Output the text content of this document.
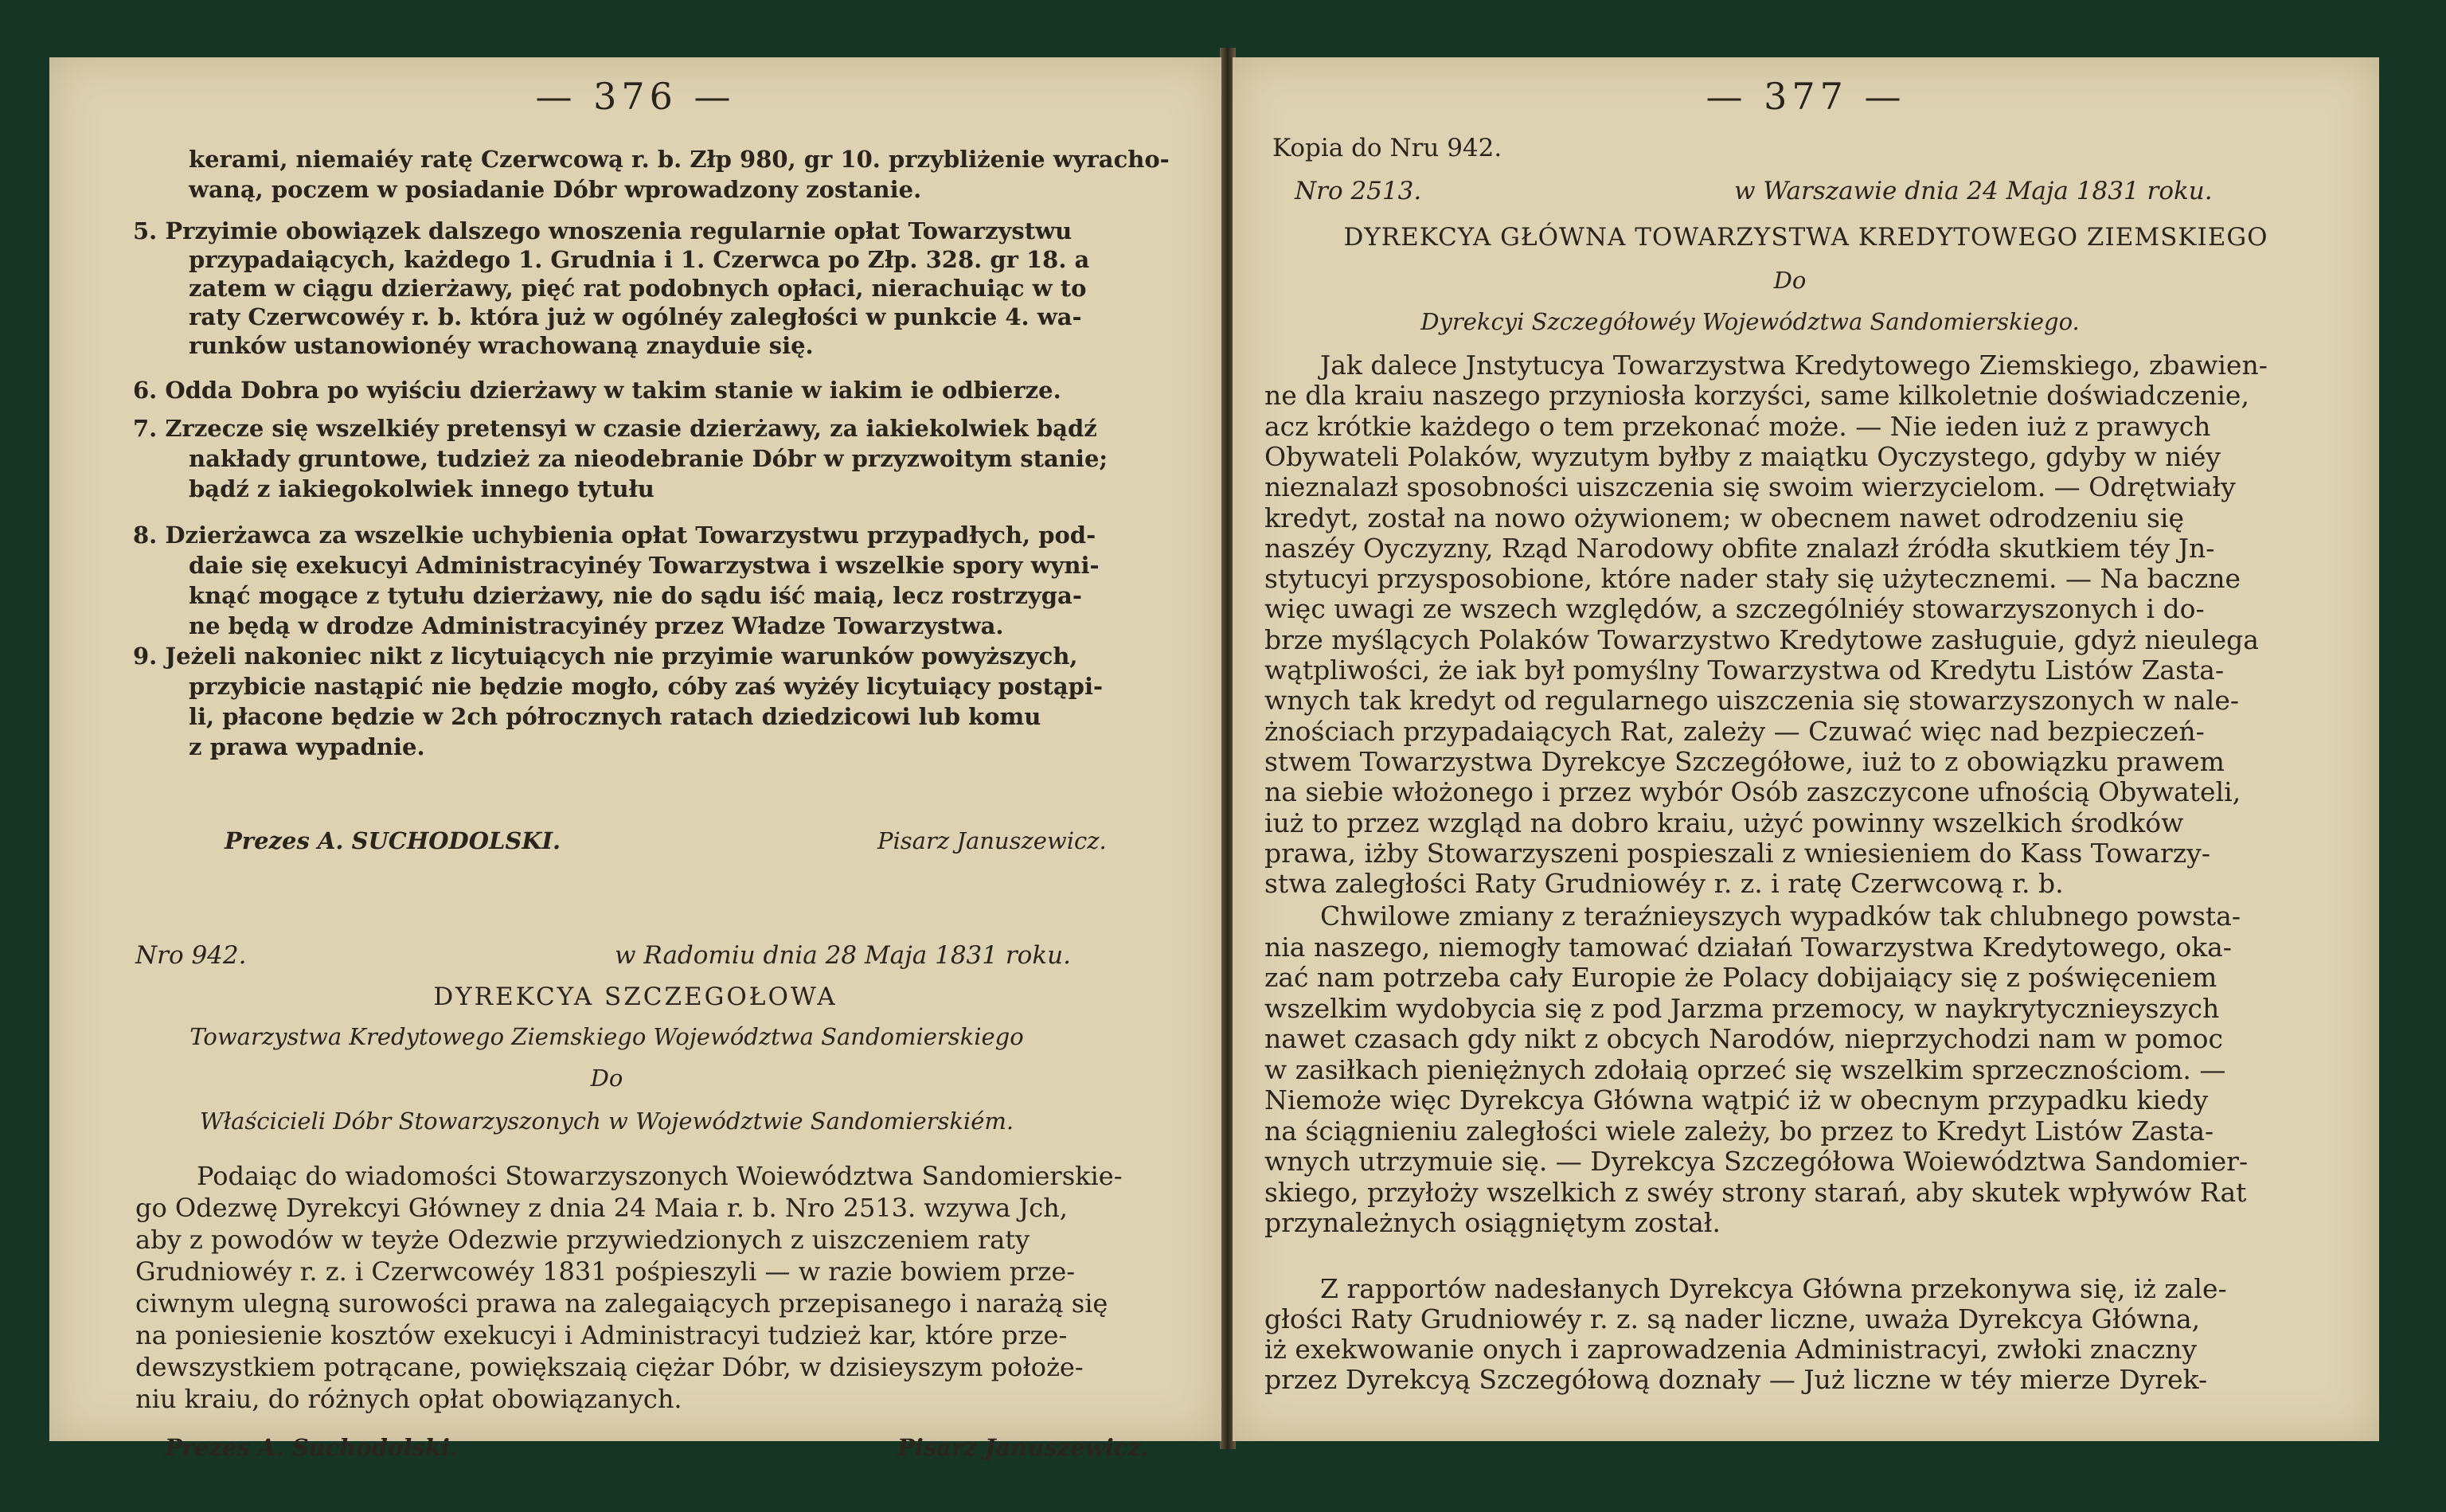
— 376 —
kerami, niemaiéy ratę Czerwcową r. b. Złp 980, gr 10. przybliżenie wyracho-
waną, poczem w posiadanie Dóbr wprowadzony zostanie.
5. Przyimie obowiązek dalszego wnoszenia regularnie opłat Towarzystwu
przypadaiących, każdego 1. Grudnia i 1. Czerwca po Złp. 328. gr 18. a
zatem w ciągu dzierżawy, pięć rat podobnych opłaci, nierachuiąc w to
raty Czerwcowéy r. b. która już w ogólnéy zaległości w punkcie 4. wa-
runków ustanowionéy wrachowaną znayduie się.
6. Odda Dobra po wyiściu dzierżawy w takim stanie w iakim ie odbierze.
7. Zrzecze się wszelkiéy pretensyi w czasie dzierżawy, za iakiekolwiek bądź
nakłady gruntowe, tudzież za nieodebranie Dóbr w przyzwoitym stanie;
bądź z iakiegokolwiek innego tytułu
8. Dzierżawca za wszelkie uchybienia opłat Towarzystwu przypadłych, pod-
daie się exekucyi Administracyinéy Towarzystwa i wszelkie spory wyni-
knąć mogące z tytułu dzierżawy, nie do sądu iść maią, lecz rostrzyga-
ne będą w drodze Administracyinéy przez Władze Towarzystwa.
9. Jeżeli nakoniec nikt z licytuiących nie przyimie warunków powyższych,
przybicie nastąpić nie będzie mogło, cóby zaś wyżéy licytuiący postąpi-
li, płacone będzie w 2ch półrocznych ratach dziedzicowi lub komu
z prawa wypadnie.
Prezes A. SUCHODOLSKI.	Pisarz Januszewicz.
Nro 942.	w Radomiu dnia 28 Maja 1831 roku.
DYREKCYA SZCZEGOŁOWA
Towarzystwa Kredytowego Ziemskiego Województwa Sandomierskiego
Do
Właścicieli Dóbr Stowarzyszonych w Województwie Sandomierskiém.
Podaiąc do wiadomości Stowarzyszonych Woiewództwa Sandomierskie-
go Odezwę Dyrekcyi Główney z dnia 24 Maia r. b. Nro 2513. wzywa Jch,
aby z powodów w teyże Odezwie przywiedzionych z uiszczeniem raty
Grudniowéy r. z. i Czerwcowéy 1831 pośpieszyli — w razie bowiem prze-
ciwnym ulegną surowości prawa na zalegaiących przepisanego i narażą się
na poniesienie kosztów exekucyi i Administracyi tudzież kar, które prze-
dewszystkiem potrącane, powiększaią ciężar Dóbr, w dzisieyszym położe-
niu kraiu, do różnych opłat obowiązanych.
Prezes A. Suchodolski.	Pisarz Januszewicz.
— 377 —
Kopia do Nru 942.
Nro 2513.	w Warszawie dnia 24 Maja 1831 roku.
DYREKCYA GŁÓWNA TOWARZYSTWA KREDYTOWEGO ZIEMSKIEGO
Do
Dyrekcyi Szczegółowéy Województwa Sandomierskiego.
Jak dalece Jnstytucya Towarzystwa Kredytowego Ziemskiego, zbawien-
ne dla kraiu naszego przyniosła korzyści, same kilkoletnie doświadczenie,
acz krótkie każdego o tem przekonać może. — Nie ieden iuż z prawych
Obywateli Polaków, wyzutym byłby z maiątku Oyczystego, gdyby w niéy
nieznalazł sposobności uiszczenia się swoim wierzycielom. — Odrętwiały
kredyt, został na nowo ożywionem; w obecnem nawet odrodzeniu się
naszéy Oyczyzny, Rząd Narodowy obfite znalazł źródła skutkiem téy Jn-
stytucyi przysposobione, które nader stały się użytecznemi. — Na baczne
więc uwagi ze wszech względów, a szczególniéy stowarzyszonych i do-
brze myślących Polaków Towarzystwo Kredytowe zasługuie, gdyż nieulega
wątpliwości, że iak był pomyślny Towarzystwa od Kredytu Listów Zasta-
wnych tak kredyt od regularnego uiszczenia się stowarzyszonych w nale-
żnościach przypadaiących Rat, zależy — Czuwać więc nad bezpieczeń-
stwem Towarzystwa Dyrekcye Szczegółowe, iuż to z obowiązku prawem
na siebie włożonego i przez wybór Osób zaszczycone ufnością Obywateli,
iuż to przez wzgląd na dobro kraiu, użyć powinny wszelkich środków
prawa, iżby Stowarzyszeni pospieszali z wniesieniem do Kass Towarzy-
stwa zaległości Raty Grudniowéy r. z. i ratę Czerwcową r. b.
Chwilowe zmiany z teraźnieyszych wypadków tak chlubnego powsta-
nia naszego, niemogły tamować działań Towarzystwa Kredytowego, oka-
zać nam potrzeba cały Europie że Polacy dobijaiący się z poświęceniem
wszelkim wydobycia się z pod Jarzma przemocy, w naykrytycznieyszych
nawet czasach gdy nikt z obcych Narodów, nieprzychodzi nam w pomoc
w zasiłkach pieniężnych zdołaią oprzeć się wszelkim sprzecznościom. —
Niemoże więc Dyrekcya Główna wątpić iż w obecnym przypadku kiedy
na ściągnieniu zaległości wiele zależy, bo przez to Kredyt Listów Zasta-
wnych utrzymuie się. — Dyrekcya Szczegółowa Woiewództwa Sandomier-
skiego, przyłoży wszelkich z swéy strony starań, aby skutek wpływów Rat
przynależnych osiągniętym został.
Z rapportów nadesłanych Dyrekcya Główna przekonywa się, iż zale-
głości Raty Grudniowéy r. z. są nader liczne, uważa Dyrekcya Główna,
iż exekwowanie onych i zaprowadzenia Administracyi, zwłoki znaczny
przez Dyrekcyą Szczegółową doznały — Już liczne w téy mierze Dyrek-
